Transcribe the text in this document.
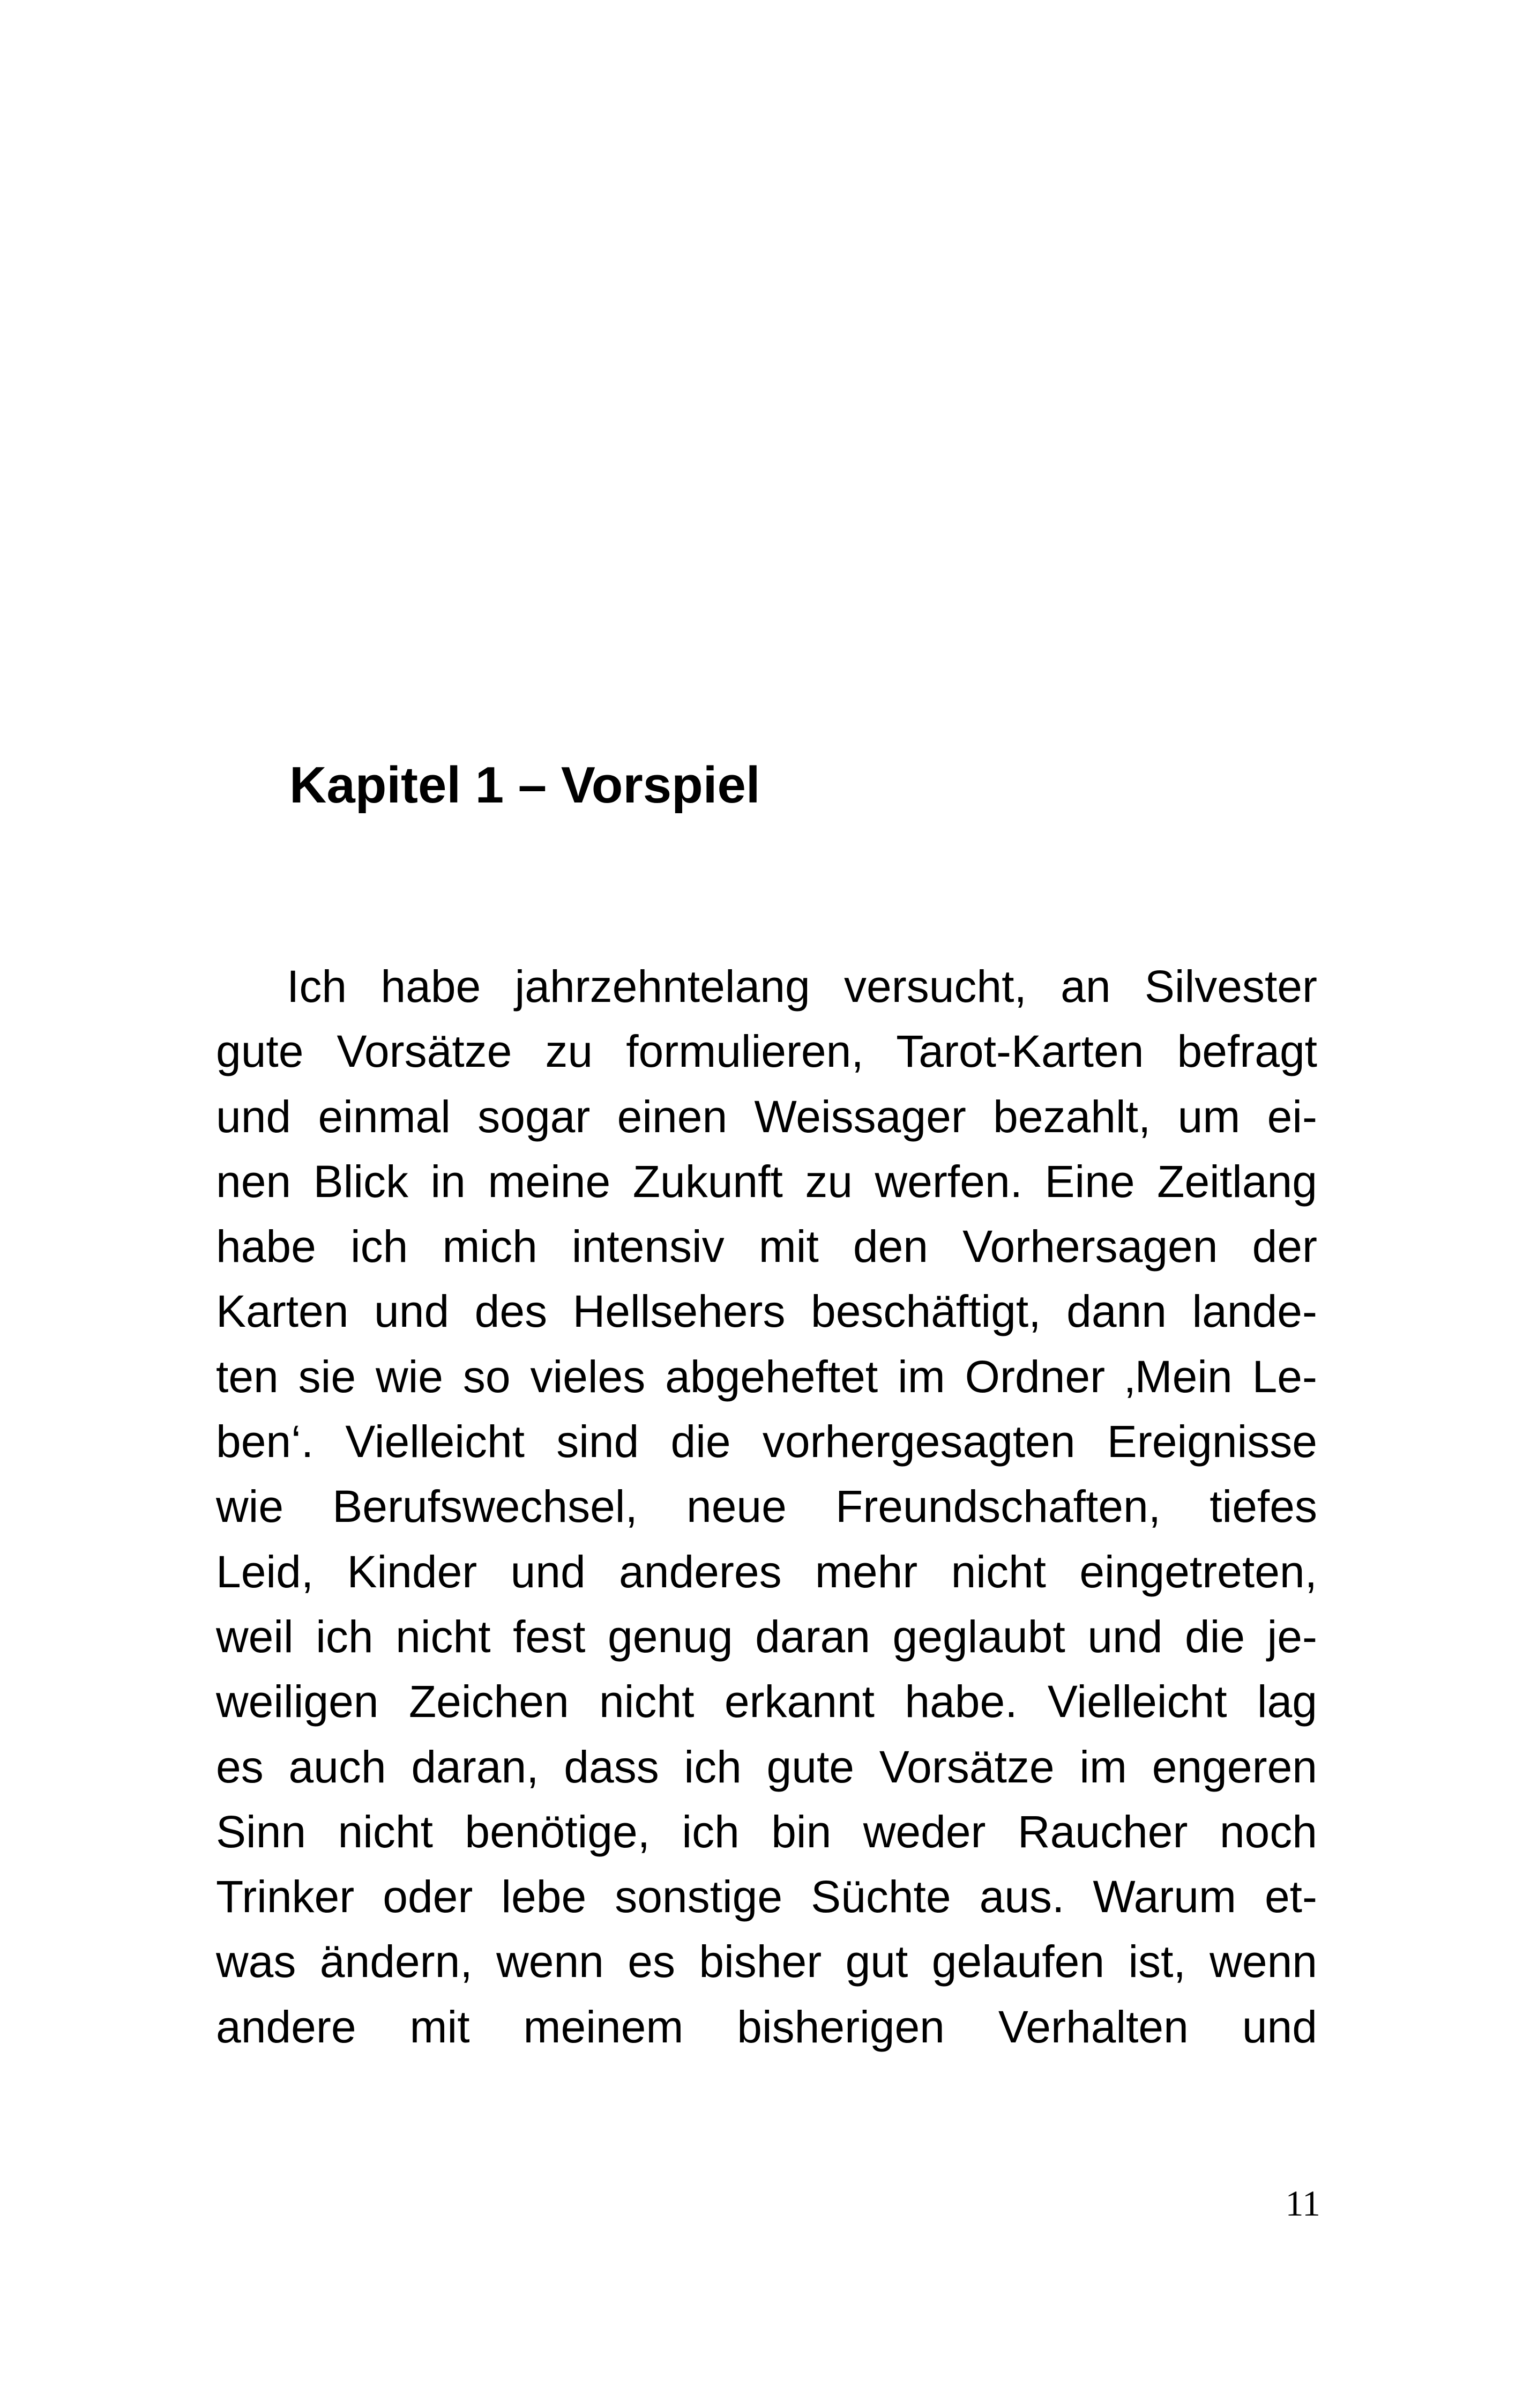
Kapitel 1 – Vorspiel
Ich habe jahrzehntelang versucht, an Silvester
gute Vorsätze zu formulieren, Tarot-Karten befragt
und einmal sogar einen Weissager bezahlt, um ei-
nen Blick in meine Zukunft zu werfen. Eine Zeitlang
habe ich mich intensiv mit den Vorhersagen der
Karten und des Hellsehers beschäftigt, dann lande-
ten sie wie so vieles abgeheftet im Ordner ‚Mein Le-
ben‘. Vielleicht sind die vorhergesagten Ereignisse
wie Berufswechsel, neue Freundschaften, tiefes
Leid, Kinder und anderes mehr nicht eingetreten,
weil ich nicht fest genug daran geglaubt und die je-
weiligen Zeichen nicht erkannt habe. Vielleicht lag
es auch daran, dass ich gute Vorsätze im engeren
Sinn nicht benötige, ich bin weder Raucher noch
Trinker oder lebe sonstige Süchte aus. Warum et-
was ändern, wenn es bisher gut gelaufen ist, wenn
andere mit meinem bisherigen Verhalten und
11
